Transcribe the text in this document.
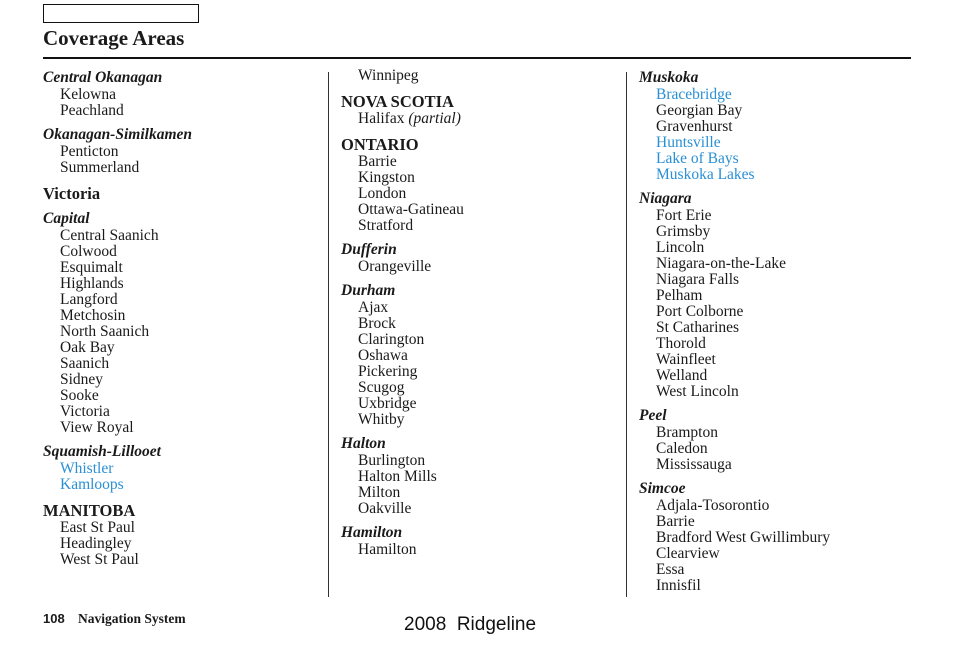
Coverage Areas
Central Okanagan
Kelowna
Peachland
Okanagan-Similkamen
Penticton
Summerland
Victoria
Capital
Central Saanich
Colwood
Esquimalt
Highlands
Langford
Metchosin
North Saanich
Oak Bay
Saanich
Sidney
Sooke
Victoria
View Royal
Squamish-Lillooet
Whistler
Kamloops
MANITOBA
East St Paul
Headingley
West St Paul
Winnipeg
NOVA SCOTIA
Halifax (partial)
ONTARIO
Barrie
Kingston
London
Ottawa-Gatineau
Stratford
Dufferin
Orangeville
Durham
Ajax
Brock
Clarington
Oshawa
Pickering
Scugog
Uxbridge
Whitby
Halton
Burlington
Halton Mills
Milton
Oakville
Hamilton
Hamilton
Muskoka
Bracebridge
Georgian Bay
Gravenhurst
Huntsville
Lake of Bays
Muskoka Lakes
Niagara
Fort Erie
Grimsby
Lincoln
Niagara-on-the-Lake
Niagara Falls
Pelham
Port Colborne
St Catharines
Thorold
Wainfleet
Welland
West Lincoln
Peel
Brampton
Caledon
Mississauga
Simcoe
Adjala-Tosorontio
Barrie
Bradford West Gwillimbury
Clearview
Essa
Innisfil
108 Navigation System	2008  Ridgeline
